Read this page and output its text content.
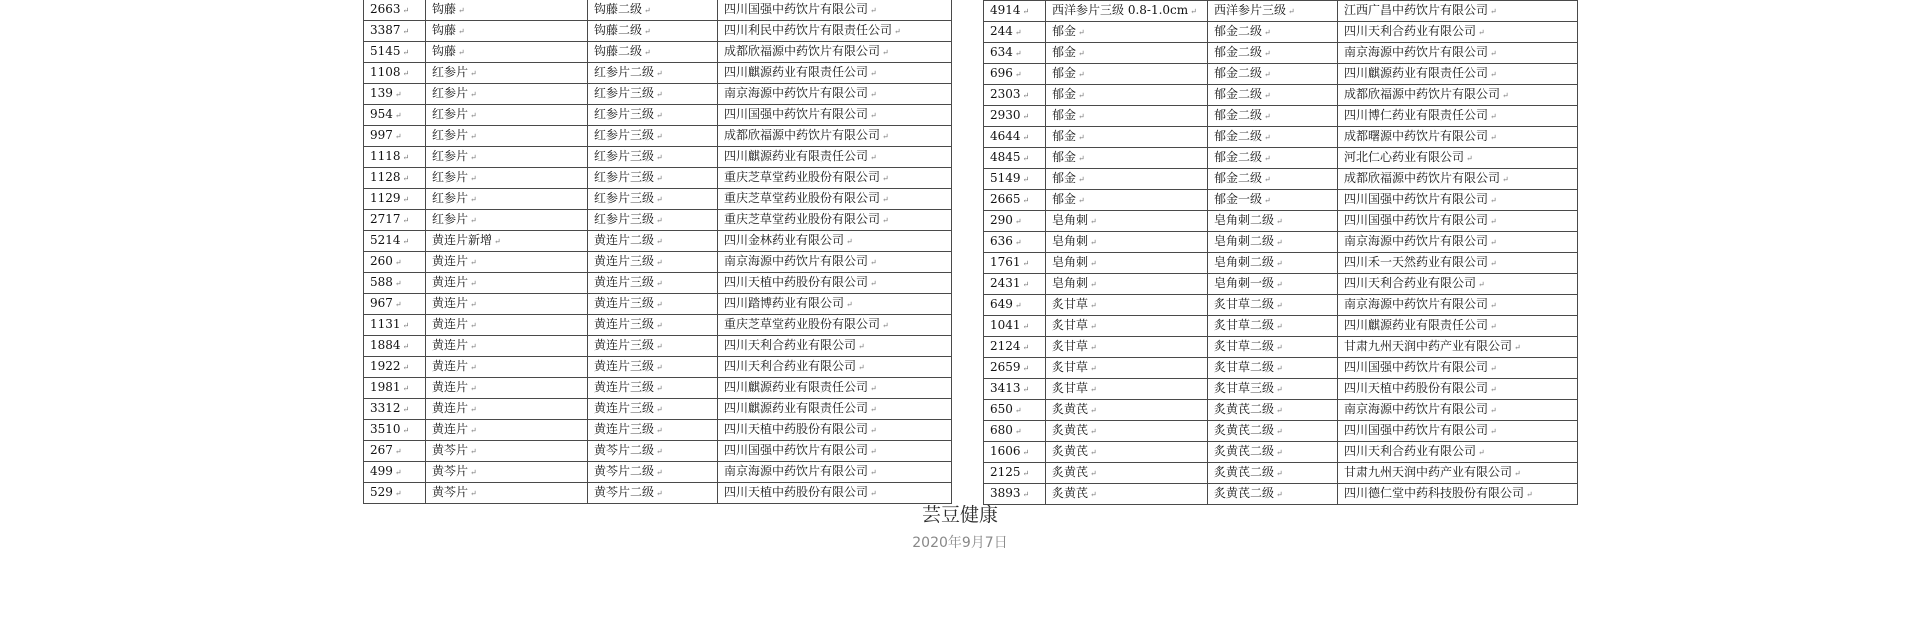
2663 ↵	钩藤 ↵	钩藤二级 ↵	四川国强中药饮片有限公司 ↵
3387 ↵	钩藤 ↵	钩藤二级 ↵	四川利民中药饮片有限责任公司 ↵
5145 ↵	钩藤 ↵	钩藤二级 ↵	成都欣福源中药饮片有限公司 ↵
1108 ↵	红参片 ↵	红参片二级 ↵	四川麒源药业有限责任公司 ↵
139 ↵	红参片 ↵	红参片三级 ↵	南京海源中药饮片有限公司 ↵
954 ↵	红参片 ↵	红参片三级 ↵	四川国强中药饮片有限公司 ↵
997 ↵	红参片 ↵	红参片三级 ↵	成都欣福源中药饮片有限公司 ↵
1118 ↵	红参片 ↵	红参片三级 ↵	四川麒源药业有限责任公司 ↵
1128 ↵	红参片 ↵	红参片三级 ↵	重庆芝草堂药业股份有限公司 ↵
1129 ↵	红参片 ↵	红参片三级 ↵	重庆芝草堂药业股份有限公司 ↵
2717 ↵	红参片 ↵	红参片三级 ↵	重庆芝草堂药业股份有限公司 ↵
5214 ↵	黄连片新增 ↵	黄连片二级 ↵	四川金林药业有限公司 ↵
260 ↵	黄连片 ↵	黄连片三级 ↵	南京海源中药饮片有限公司 ↵
588 ↵	黄连片 ↵	黄连片三级 ↵	四川天植中药股份有限公司 ↵
967 ↵	黄连片 ↵	黄连片三级 ↵	四川踏博药业有限公司 ↵
1131 ↵	黄连片 ↵	黄连片三级 ↵	重庆芝草堂药业股份有限公司 ↵
1884 ↵	黄连片 ↵	黄连片三级 ↵	四川天利合药业有限公司 ↵
1922 ↵	黄连片 ↵	黄连片三级 ↵	四川天利合药业有限公司 ↵
1981 ↵	黄连片 ↵	黄连片三级 ↵	四川麒源药业有限责任公司 ↵
3312 ↵	黄连片 ↵	黄连片三级 ↵	四川麒源药业有限责任公司 ↵
3510 ↵	黄连片 ↵	黄连片三级 ↵	四川天植中药股份有限公司 ↵
267 ↵	黄芩片 ↵	黄芩片二级 ↵	四川国强中药饮片有限公司 ↵
499 ↵	黄芩片 ↵	黄芩片二级 ↵	南京海源中药饮片有限公司 ↵
529 ↵	黄芩片 ↵	黄芩片二级 ↵	四川天植中药股份有限公司 ↵
4914 ↵	西洋参片三级 0.8-1.0cm ↵	西洋参片三级 ↵	江西广昌中药饮片有限公司 ↵
244 ↵	郁金 ↵	郁金二级 ↵	四川天利合药业有限公司 ↵
634 ↵	郁金 ↵	郁金二级 ↵	南京海源中药饮片有限公司 ↵
696 ↵	郁金 ↵	郁金二级 ↵	四川麒源药业有限责任公司 ↵
2303 ↵	郁金 ↵	郁金二级 ↵	成都欣福源中药饮片有限公司 ↵
2930 ↵	郁金 ↵	郁金二级 ↵	四川博仁药业有限责任公司 ↵
4644 ↵	郁金 ↵	郁金二级 ↵	成都曙源中药饮片有限公司 ↵
4845 ↵	郁金 ↵	郁金二级 ↵	河北仁心药业有限公司 ↵
5149 ↵	郁金 ↵	郁金二级 ↵	成都欣福源中药饮片有限公司 ↵
2665 ↵	郁金 ↵	郁金一级 ↵	四川国强中药饮片有限公司 ↵
290 ↵	皂角刺 ↵	皂角刺二级 ↵	四川国强中药饮片有限公司 ↵
636 ↵	皂角刺 ↵	皂角刺二级 ↵	南京海源中药饮片有限公司 ↵
1761 ↵	皂角刺 ↵	皂角刺二级 ↵	四川禾一天然药业有限公司 ↵
2431 ↵	皂角刺 ↵	皂角刺一级 ↵	四川天利合药业有限公司 ↵
649 ↵	炙甘草 ↵	炙甘草二级 ↵	南京海源中药饮片有限公司 ↵
1041 ↵	炙甘草 ↵	炙甘草二级 ↵	四川麒源药业有限责任公司 ↵
2124 ↵	炙甘草 ↵	炙甘草二级 ↵	甘肃九州天润中药产业有限公司 ↵
2659 ↵	炙甘草 ↵	炙甘草二级 ↵	四川国强中药饮片有限公司 ↵
3413 ↵	炙甘草 ↵	炙甘草三级 ↵	四川天植中药股份有限公司 ↵
650 ↵	炙黄芪 ↵	炙黄芪二级 ↵	南京海源中药饮片有限公司 ↵
680 ↵	炙黄芪 ↵	炙黄芪二级 ↵	四川国强中药饮片有限公司 ↵
1606 ↵	炙黄芪 ↵	炙黄芪二级 ↵	四川天利合药业有限公司 ↵
2125 ↵	炙黄芪 ↵	炙黄芪二级 ↵	甘肃九州天润中药产业有限公司 ↵
3893 ↵	炙黄芪 ↵	炙黄芪二级 ↵	四川德仁堂中药科技股份有限公司 ↵
芸豆健康
2020年9月7日
